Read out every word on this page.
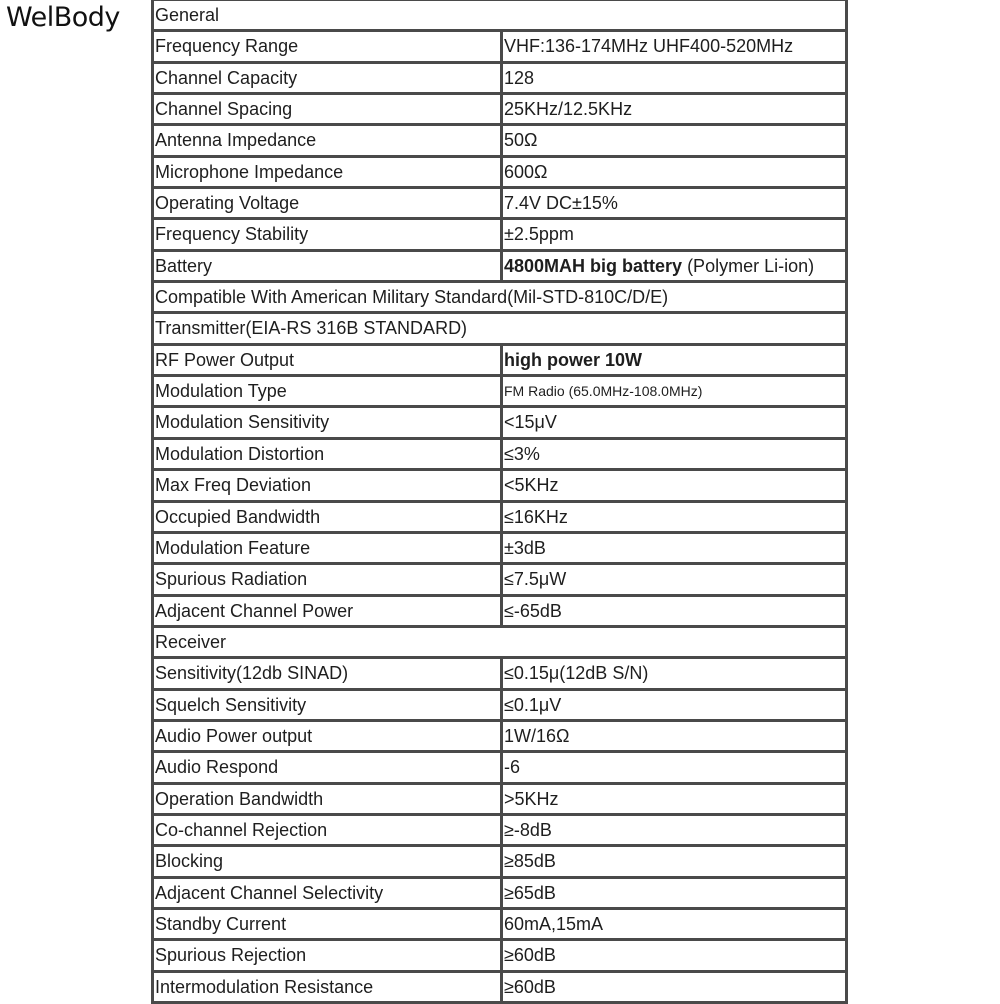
WelBody General
Frequency Range	VHF:136-174MHz UHF400-520MHz
Channel Capacity	128
Channel Spacing	25KHz/12.5KHz
Antenna Impedance	50Ω
Microphone Impedance	600Ω
Operating Voltage	7.4V DC±15%
Frequency Stability	±2.5ppm
Battery	4800MAH big battery (Polymer Li-ion)
Compatible With American Military Standard(Mil-STD-810C/D/E)
Transmitter(EIA-RS 316B STANDARD)
RF Power Output	high power 10W
Modulation Type	FM Radio (65.0MHz-108.0MHz)
Modulation Sensitivity	<15μV
Modulation Distortion	≤3%
Max Freq Deviation	<5KHz
Occupied Bandwidth	≤16KHz
Modulation Feature	±3dB
Spurious Radiation	≤7.5μW
Adjacent Channel Power	≤-65dB
Receiver
Sensitivity(12db SINAD)	≤0.15μ(12dB S/N)
Squelch Sensitivity	≤0.1μV
Audio Power output	1W/16Ω
Audio Respond	-6
Operation Bandwidth	>5KHz
Co-channel Rejection	≥-8dB
Blocking	≥85dB
Adjacent Channel Selectivity	≥65dB
Standby Current	60mA,15mA
Spurious Rejection	≥60dB
Intermodulation Resistance	≥60dB
